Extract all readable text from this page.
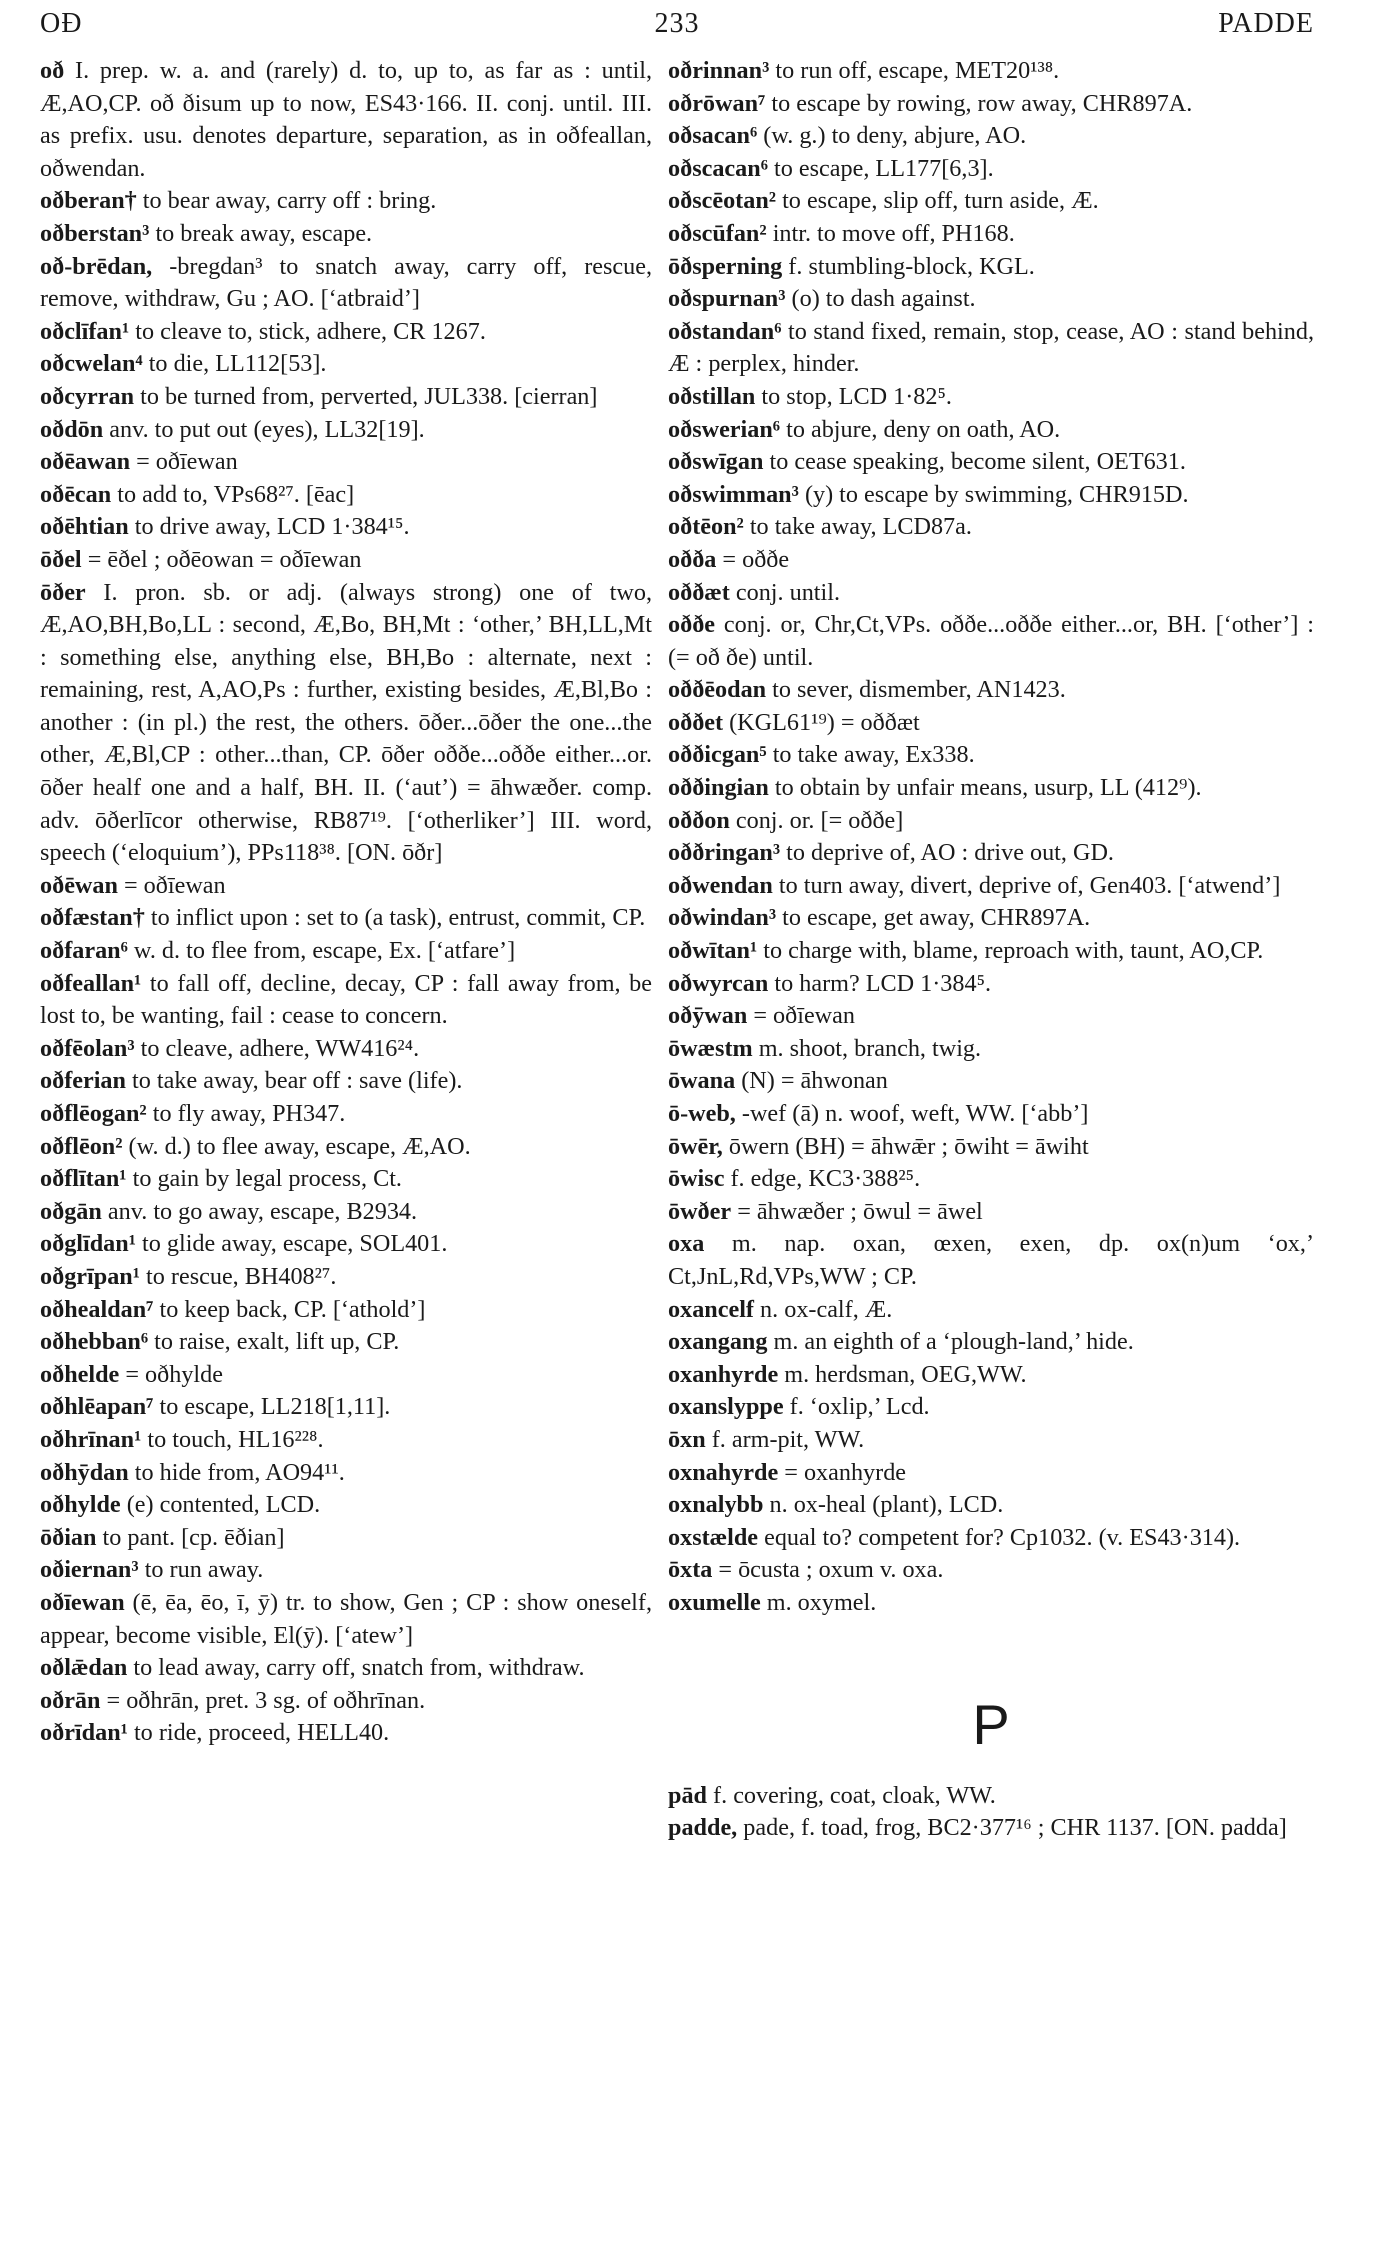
OÐ	233	PADDE
oð I. prep. w. a. and (rarely) d. to, up to, as far as : until, Æ,AO,CP. oð ðisum up to now, ES43·166. II. conj. until. III. as prefix. usu. denotes departure, separation, as in oðfeallan, oðwendan.
oðberan† to bear away, carry off : bring.
oðberstan³ to break away, escape.
oð-brēdan, -bregdan³ to snatch away, carry off, rescue, remove, withdraw, Gu ; AO. [‘atbraid’]
oðclīfan¹ to cleave to, stick, adhere, CR 1267.
oðcwelan⁴ to die, LL112[53].
oðcyrran to be turned from, perverted, JUL338. [cierran]
oðdōn anv. to put out (eyes), LL32[19].
oðēawan = oðīewan
oðēcan to add to, VPs68²⁷. [ēac]
oðēhtian to drive away, LCD 1·384¹⁵.
ōðel = ēðel ; oðēowan = oðīewan
ōðer I. pron. sb. or adj. (always strong) one of two, Æ,AO,BH,Bo,LL : second, Æ,Bo, BH,Mt : ‘other,’ BH,LL,Mt : something else, anything else, BH,Bo : alternate, next : remaining, rest, A,AO,Ps : further, existing besides, Æ,Bl,Bo : another : (in pl.) the rest, the others. ōðer...ōðer the one...the other, Æ,Bl,CP : other...than, CP. ōðer oððe...oððe either...or. ōðer healf one and a half, BH. II. (‘aut’) = āhwæðer. comp. adv. ōðerlīcor otherwise, RB87¹⁹. [‘otherliker’] III. word, speech (‘eloquium’), PPs118³⁸. [ON. ōðr]
oðēwan = oðīewan
oðfæstan† to inflict upon : set to (a task), entrust, commit, CP.
oðfaran⁶ w. d. to flee from, escape, Ex. [‘atfare’]
oðfeallan¹ to fall off, decline, decay, CP : fall away from, be lost to, be wanting, fail : cease to concern.
oðfēolan³ to cleave, adhere, WW416²⁴.
oðferian to take away, bear off : save (life).
oðflēogan² to fly away, PH347.
oðflēon² (w. d.) to flee away, escape, Æ,AO.
oðflītan¹ to gain by legal process, Ct.
oðgān anv. to go away, escape, B2934.
oðglīdan¹ to glide away, escape, SOL401.
oðgrīpan¹ to rescue, BH408²⁷.
oðhealdan⁷ to keep back, CP. [‘athold’]
oðhebban⁶ to raise, exalt, lift up, CP.
oðhelde = oðhylde
oðhlēapan⁷ to escape, LL218[1,11].
oðhrīnan¹ to touch, HL16²²⁸.
oðhȳdan to hide from, AO94¹¹.
oðhylde (e) contented, LCD.
ōðian to pant. [cp. ēðian]
oðiernan³ to run away.
oðīewan (ē, ēa, ēo, ī, ȳ) tr. to show, Gen ; CP : show oneself, appear, become visible, El(ȳ). [‘atew’]
oðlǣdan to lead away, carry off, snatch from, withdraw.
oðrān = oðhrān, pret. 3 sg. of oðhrīnan.
oðrīdan¹ to ride, proceed, HELL40.
oðrinnan³ to run off, escape, MET20¹³⁸.
oðrōwan⁷ to escape by rowing, row away, CHR897A.
oðsacan⁶ (w. g.) to deny, abjure, AO.
oðscacan⁶ to escape, LL177[6,3].
oðscēotan² to escape, slip off, turn aside, Æ.
oðscūfan² intr. to move off, PH168.
ōðsperning f. stumbling-block, KGL.
oðspurnan³ (o) to dash against.
oðstandan⁶ to stand fixed, remain, stop, cease, AO : stand behind, Æ : perplex, hinder.
oðstillan to stop, LCD 1·82⁵.
oðswerian⁶ to abjure, deny on oath, AO.
oðswīgan to cease speaking, become silent, OET631.
oðswimman³ (y) to escape by swimming, CHR915D.
oðtēon² to take away, LCD87a.
oðða = oððe
oððæt conj. until.
oððe conj. or, Chr,Ct,VPs. oððe...oððe either...or, BH. [‘other’] : (= oð ðe) until.
oððēodan to sever, dismember, AN1423.
oððet (KGL61¹⁹) = oððæt
oððicgan⁵ to take away, Ex338.
oððingian to obtain by unfair means, usurp, LL (412⁹).
oððon conj. or. [= oððe]
oððringan³ to deprive of, AO : drive out, GD.
oðwendan to turn away, divert, deprive of, Gen403. [‘atwend’]
oðwindan³ to escape, get away, CHR897A.
oðwītan¹ to charge with, blame, reproach with, taunt, AO,CP.
oðwyrcan to harm? LCD 1·384⁵.
oðȳwan = oðīewan
ōwæstm m. shoot, branch, twig.
ōwana (N) = āhwonan
ō-web, -wef (ā) n. woof, weft, WW. [‘abb’]
ōwēr, ōwern (BH) = āhwǣr ; ōwiht = āwiht
ōwisc f. edge, KC3·388²⁵.
ōwðer = āhwæðer ; ōwul = āwel
oxa m. nap. oxan, œxen, exen, dp. ox(n)um ‘ox,’ Ct,JnL,Rd,VPs,WW ; CP.
oxancelf n. ox-calf, Æ.
oxangang m. an eighth of a ‘plough-land,’ hide.
oxanhyrde m. herdsman, OEG,WW.
oxanslyppe f. ‘oxlip,’ Lcd.
ōxn f. arm-pit, WW.
oxnahyrde = oxanhyrde
oxnalybb n. ox-heal (plant), LCD.
oxstælde equal to? competent for? Cp1032. (v. ES43·314).
ōxta = ōcusta ; oxum v. oxa.
oxumelle m. oxymel.
P
pād f. covering, coat, cloak, WW.
padde, pade, f. toad, frog, BC2·377¹⁶ ; CHR 1137. [ON. padda]
